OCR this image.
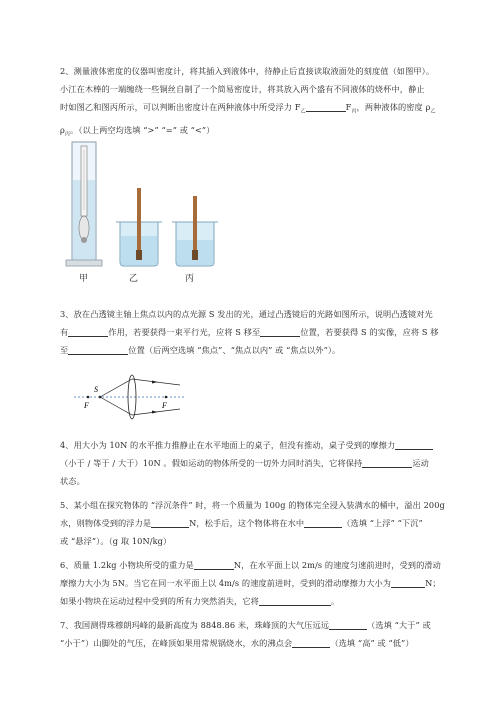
2、测量液体密度的仪器叫密度计，将其插入到液体中，待静止后直接读取液面处的刻度值（如图甲）。
小江在木棒的一端缠绕一些铜丝自制了一个简易密度计，将其放入两个盛有不同液体的烧杯中，静止
时如图乙和图丙所示，可以判断出密度计在两种液体中所受浮力 $F_乙$	$F_丙$，两种液体的密度 $\rho_乙$
$\rho_丙$。（以上两空均选填 “>” “=” 或 “<”）
甲	乙	丙
3、放在凸透镜主轴上焦点以内的点光源 S 发出的光，通过凸透镜后的光路如图所示，说明凸透镜对光
有	作用，若要获得一束平行光，应将 S 移至	位置，若要获得 S 的实像，应将 S 移
至	位置（后两空选填 “焦点”、“焦点以内” 或 “焦点以外”）。
S
F	F
4、用大小为 10N 的水平推力推静止在水平地面上的桌子，但没有推动，桌子受到的摩擦力
（小于 / 等于 / 大于）10N 。假如运动的物体所受的一切外力同时消失，它将保持	运动
状态。
5、某小组在探究物体的 “浮沉条件” 时，将一个质量为 100g 的物体完全浸入装满水的桶中，溢出 200g
水，则物体受到的浮力是	N，松手后，这个物体将在水中	（选填 “上浮” “下沉”
或 “悬浮”）。（g 取 10N/kg）
6、质量 1.2kg 小物块所受的重力是	N，在水平面上以 2m/s 的速度匀速前进时，受到的滑动
摩擦力大小为 5N。当它在同一水平面上以 4m/s 的速度前进时，受到的滑动摩擦力大小为	N；
如果小物块在运动过程中受到的所有力突然消失，它将	。
7、我国测得珠穆朗玛峰的最新高度为 8848.86 米，珠峰顶的大气压远远	（选填 “大于” 或
“小于”）山脚处的气压，在峰顶如果用常规锅烧水，水的沸点会	（选填 “高” 或 “低”）
